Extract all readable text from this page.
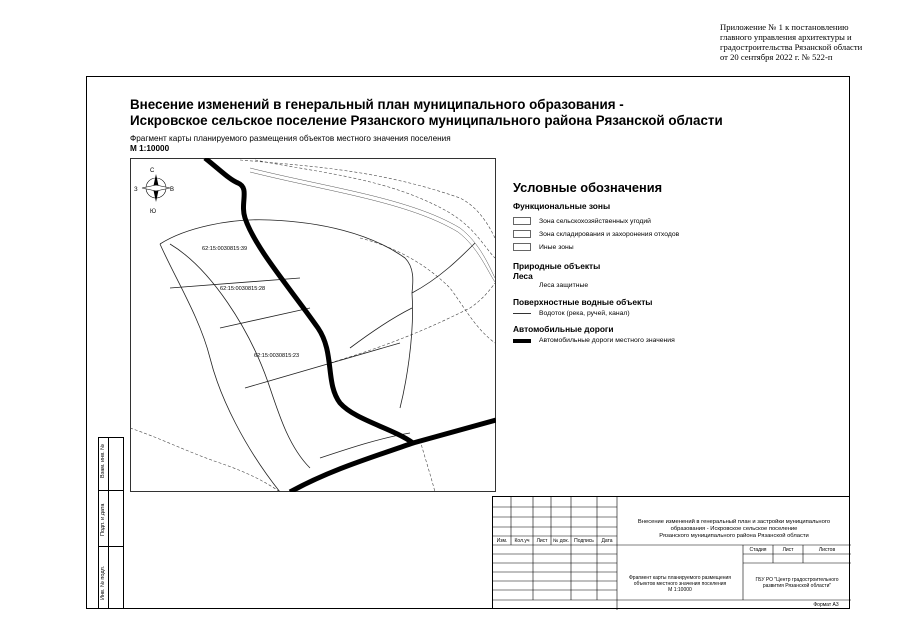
Приложение № 1 к постановлению
главного управления архитектуры и
градостроительства Рязанской области
от 20 сентября 2022 г. № 522-п
Взам. инв. №
Подп. и дата
Инв. № подл.
Внесение изменений в генеральный план муниципального образования -
Искровское сельское поселение Рязанского муниципального района Рязанской области
Фрагмент карты планируемого размещения объектов местного значения поселения
М 1:10000
С
В
Ю
З
62:15:0030815:39
62:15:0030815:28
62:15:0030815:23
Условные обозначения
Функциональные зоны
Зона сельскохозяйственных угодий
Зона складирования и захоронения отходов
Иные зоны
Природные объекты
Леса
Леса защитные
Поверхностные водные объекты
Водоток (река, ручей, канал)
Автомобильные дороги
Автомобильные дороги местного значения
Изм.	Кол.уч	Лист	№ док.	Подпись	Дата
Внесение изменений в генеральный план и застройки муниципального
образования - Искровское сельское поселение
Рязанского муниципального района Рязанской области
Стадия	Лист	Листов
Фрагмент карты планируемого размещения
объектов местного значения поселения
М 1:10000
ГБУ РО "Центр градостроительного
развития Рязанской области"
Формат А3
